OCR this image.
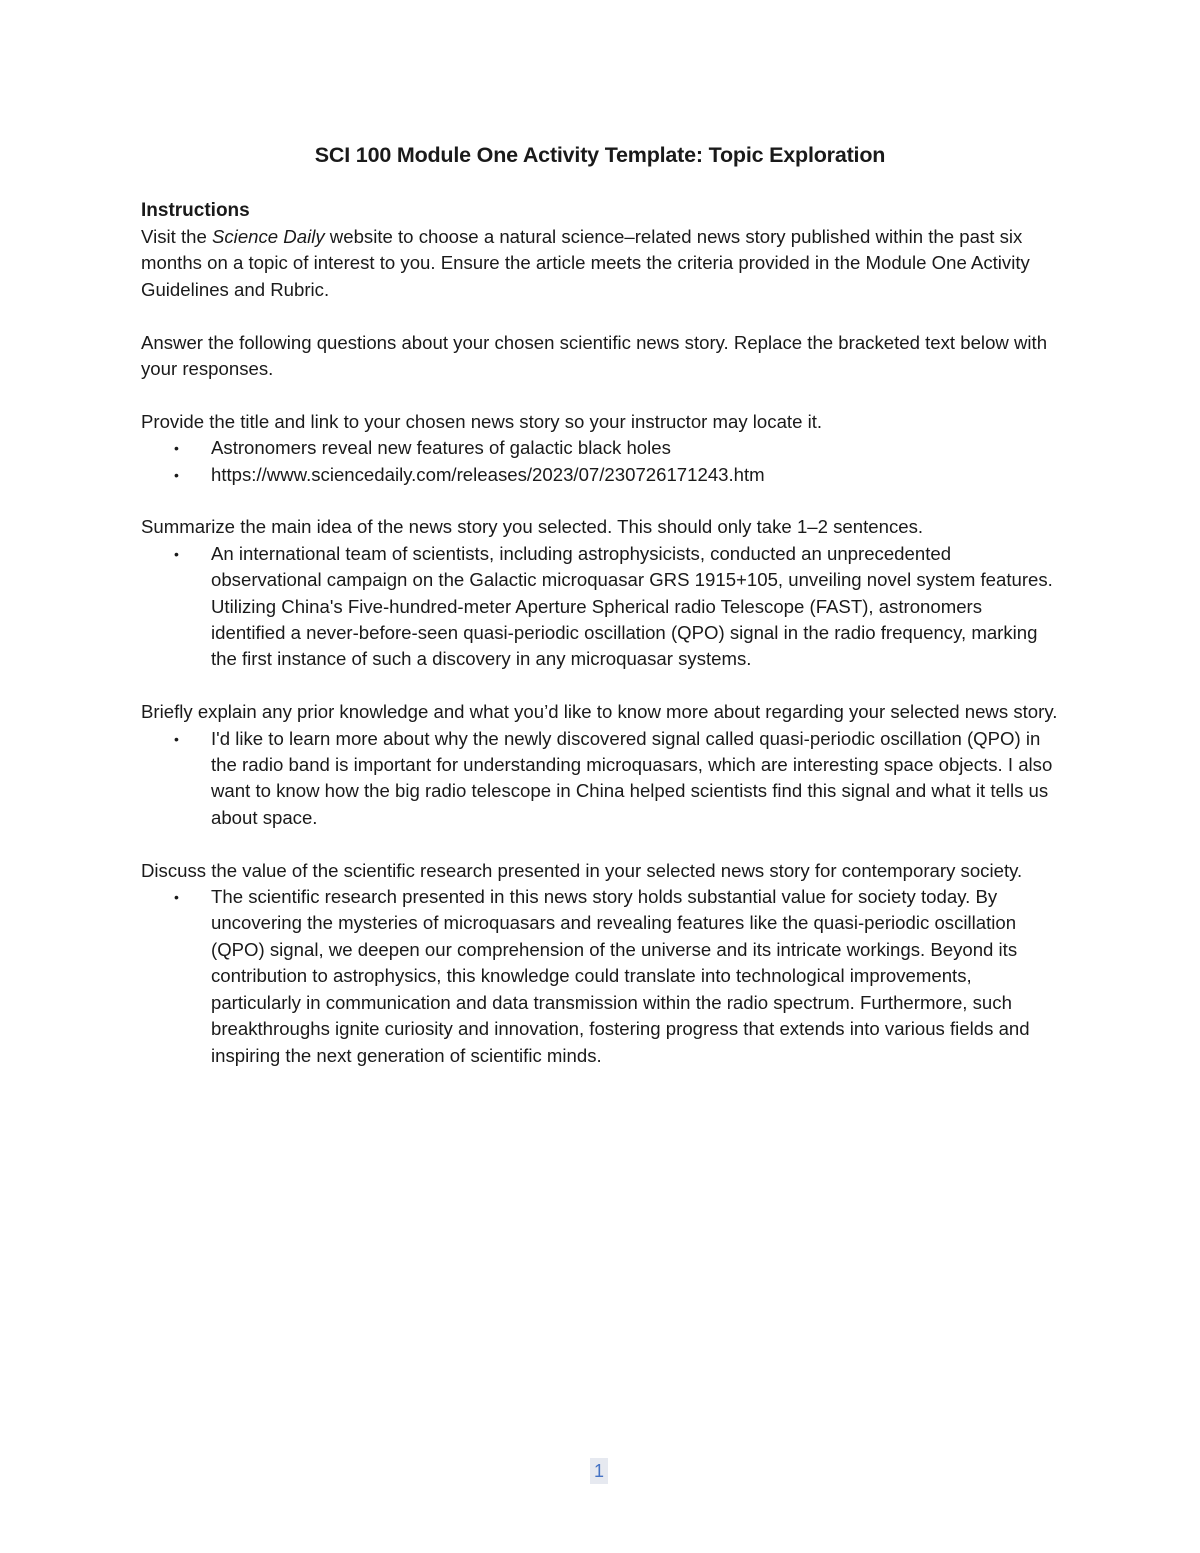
SCI 100 Module One Activity Template: Topic Exploration
Instructions

Visit the Science Daily website to choose a natural science–related news story published within the past six months on a topic of interest to you. Ensure the article meets the criteria provided in the Module One Activity Guidelines and Rubric.

Answer the following questions about your chosen scientific news story. Replace the bracketed text below with your responses.

Provide the title and link to your chosen news story so your instructor may locate it.

• Astronomers reveal new features of galactic black holes
• https://www.sciencedaily.com/releases/2023/07/230726171243.htm

Summarize the main idea of the news story you selected. This should only take 1–2 sentences.

• An international team of scientists, including astrophysicists, conducted an unprecedented observational campaign on the Galactic microquasar GRS 1915+105, unveiling novel system features. Utilizing China's Five-hundred-meter Aperture Spherical radio Telescope (FAST), astronomers identified a never-before-seen quasi-periodic oscillation (QPO) signal in the radio frequency, marking the first instance of such a discovery in any microquasar systems.

Briefly explain any prior knowledge and what you’d like to know more about regarding your selected news story.

• I'd like to learn more about why the newly discovered signal called quasi-periodic oscillation (QPO) in the radio band is important for understanding microquasars, which are interesting space objects. I also want to know how the big radio telescope in China helped scientists find this signal and what it tells us about space.

Discuss the value of the scientific research presented in your selected news story for contemporary society.

• The scientific research presented in this news story holds substantial value for society today. By uncovering the mysteries of microquasars and revealing features like the quasi-periodic oscillation (QPO) signal, we deepen our comprehension of the universe and its intricate workings. Beyond its contribution to astrophysics, this knowledge could translate into technological improvements, particularly in communication and data transmission within the radio spectrum. Furthermore, such breakthroughs ignite curiosity and innovation, fostering progress that extends into various fields and inspiring the next generation of scientific minds.
1
